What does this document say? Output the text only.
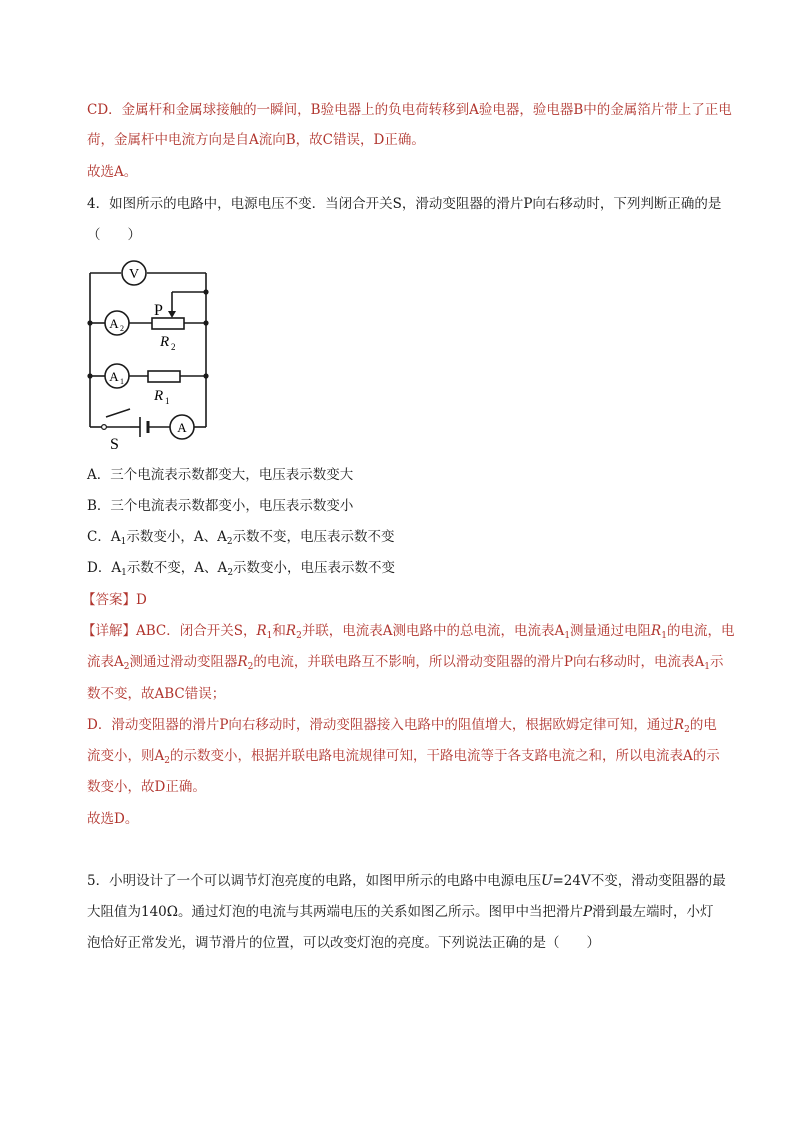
CD．金属杆和金属球接触的一瞬间，B验电器上的负电荷转移到A验电器，验电器B中的金属箔片带上了正电
荷，金属杆中电流方向是自A流向B，故C错误，D正确。
故选A。
4．如图所示的电路中，电源电压不变．当闭合开关S，滑动变阻器的滑片P向右移动时，下列判断正确的是
（　　）
V
A 2
A 1
A
P
R 2
R 1
S
A．三个电流表示数都变大，电压表示数变大
B．三个电流表示数都变小，电压表示数变小
C．$A_1$示数变小，A、$A_2$示数不变，电压表示数不变
D．$A_1$示数不变，A、$A_2$示数变小，电压表示数不变
【答案】D
【详解】ABC．闭合开关S，$R_1$和$R_2$并联，电流表A测电路中的总电流，电流表$A_1$测量通过电阻$R_1$的电流，电
流表$A_2$测通过滑动变阻器$R_2$的电流，并联电路互不影响，所以滑动变阻器的滑片P向右移动时，电流表$A_1$示
数不变，故ABC错误；
D．滑动变阻器的滑片P向右移动时，滑动变阻器接入电路中的阻值增大，根据欧姆定律可知，通过$R_2$的电
流变小，则$A_2$的示数变小，根据并联电路电流规律可知，干路电流等于各支路电流之和，所以电流表A的示
数变小，故D正确。
故选D。
5．小明设计了一个可以调节灯泡亮度的电路，如图甲所示的电路中电源电压U=24V不变，滑动变阻器的最
大阻值为140Ω。通过灯泡的电流与其两端电压的关系如图乙所示。图甲中当把滑片P滑到最左端时，小灯
泡恰好正常发光，调节滑片的位置，可以改变灯泡的亮度。下列说法正确的是（　　）
